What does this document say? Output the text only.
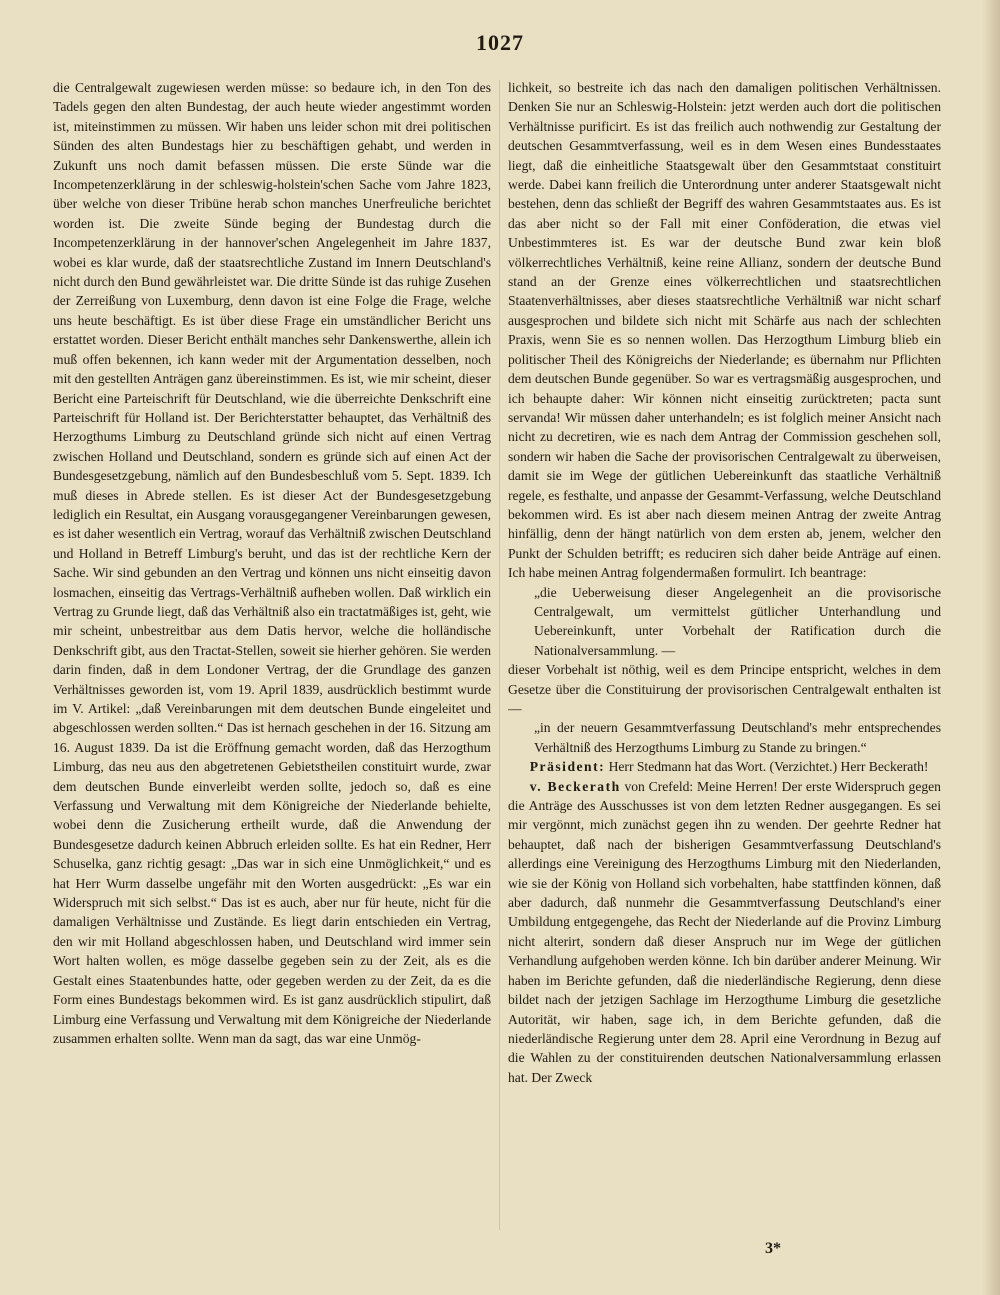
1027

die Centralgewalt zugewiesen werden müsse: so bedaure ich, in den Ton des Tadels gegen den alten Bundestag, der auch heute wieder angestimmt worden ist, miteinstimmen zu müssen. Wir haben uns leider schon mit drei politischen Sünden des alten Bundestags hier zu beschäftigen gehabt, und werden in Zukunft uns noch damit befassen müssen. Die erste Sünde war die Incompetenzerklärung in der schleswig-holstein'schen Sache vom Jahre 1823, über welche von dieser Tribüne herab schon manches Unerfreuliche berichtet worden ist. Die zweite Sünde beging der Bundestag durch die Incompetenzerklärung in der hannover'schen Angelegenheit im Jahre 1837, wobei es klar wurde, daß der staatsrechtliche Zustand im Innern Deutschland's nicht durch den Bund gewährleistet war. Die dritte Sünde ist das ruhige Zusehen der Zerreißung von Luxemburg, denn davon ist eine Folge die Frage, welche uns heute beschäftigt. Es ist über diese Frage ein umständlicher Bericht uns erstattet worden. Dieser Bericht enthält manches sehr Dankenswerthe, allein ich muß offen bekennen, ich kann weder mit der Argumentation desselben, noch mit den gestellten Anträgen ganz übereinstimmen. Es ist, wie mir scheint, dieser Bericht eine Parteischrift für Deutschland, wie die überreichte Denkschrift eine Parteischrift für Holland ist. Der Berichterstatter behauptet, das Verhältniß des Herzogthums Limburg zu Deutschland gründe sich nicht auf einen Vertrag zwischen Holland und Deutschland, sondern es gründe sich auf einen Act der Bundesgesetzgebung, nämlich auf den Bundesbeschluß vom 5. Sept. 1839. Ich muß dieses in Abrede stellen. Es ist dieser Act der Bundesgesetzgebung lediglich ein Resultat, ein Ausgang vorausgegangener Vereinbarungen gewesen, es ist daher wesentlich ein Vertrag, worauf das Verhältniß zwischen Deutschland und Holland in Betreff Limburg's beruht, und das ist der rechtliche Kern der Sache. Wir sind gebunden an den Vertrag und können uns nicht einseitig davon losmachen, einseitig das Vertrags-Verhältniß aufheben wollen. Daß wirklich ein Vertrag zu Grunde liegt, daß das Verhältniß also ein tractatmäßiges ist, geht, wie mir scheint, unbestreitbar aus dem Datis hervor, welche die holländische Denkschrift gibt, aus den Tractat-Stellen, soweit sie hierher gehören. Sie werden darin finden, daß in dem Londoner Vertrag, der die Grundlage des ganzen Verhältnisses geworden ist, vom 19. April 1839, ausdrücklich bestimmt wurde im V. Artikel: „daß Vereinbarungen mit dem deutschen Bunde eingeleitet und abgeschlossen werden sollten.“ Das ist hernach geschehen in der 16. Sitzung am 16. August 1839. Da ist die Eröffnung gemacht worden, daß das Herzogthum Limburg, das neu aus den abgetretenen Gebietstheilen constituirt wurde, zwar dem deutschen Bunde einverleibt werden sollte, jedoch so, daß es eine Verfassung und Verwaltung mit dem Königreiche der Niederlande behielte, wobei denn die Zusicherung ertheilt wurde, daß die Anwendung der Bundesgesetze dadurch keinen Abbruch erleiden sollte. Es hat ein Redner, Herr Schuselka, ganz richtig gesagt: „Das war in sich eine Unmöglichkeit,“ und es hat Herr Wurm dasselbe ungefähr mit den Worten ausgedrückt: „Es war ein Widerspruch mit sich selbst.“ Das ist es auch, aber nur für heute, nicht für die damaligen Verhältnisse und Zustände. Es liegt darin entschieden ein Vertrag, den wir mit Holland abgeschlossen haben, und Deutschland wird immer sein Wort halten wollen, es möge dasselbe gegeben sein zu der Zeit, als es die Gestalt eines Staatenbundes hatte, oder gegeben werden zu der Zeit, da es die Form eines Bundestags bekommen wird. Es ist ganz ausdrücklich stipulirt, daß Limburg eine Verfassung und Verwaltung mit dem Königreiche der Niederlande zusammen erhalten sollte. Wenn man da sagt, das war eine Unmög-

lichkeit, so bestreite ich das nach den damaligen politischen Verhältnissen. Denken Sie nur an Schleswig-Holstein: jetzt werden auch dort die politischen Verhältnisse purificirt. Es ist das freilich auch nothwendig zur Gestaltung der deutschen Gesammtverfassung, weil es in dem Wesen eines Bundesstaates liegt, daß die einheitliche Staatsgewalt über den Gesammtstaat constituirt werde. Dabei kann freilich die Unterordnung unter anderer Staatsgewalt nicht bestehen, denn das schließt der Begriff des wahren Gesammtstaates aus. Es ist das aber nicht so der Fall mit einer Conföderation, die etwas viel Unbestimmteres ist. Es war der deutsche Bund zwar kein bloß völkerrechtliches Verhältniß, keine reine Allianz, sondern der deutsche Bund stand an der Grenze eines völkerrechtlichen und staatsrechtlichen Staatenverhältnisses, aber dieses staatsrechtliche Verhältniß war nicht scharf ausgesprochen und bildete sich nicht mit Schärfe aus nach der schlechten Praxis, wenn Sie es so nennen wollen. Das Herzogthum Limburg blieb ein politischer Theil des Königreichs der Niederlande; es übernahm nur Pflichten dem deutschen Bunde gegenüber. So war es vertragsmäßig ausgesprochen, und ich behaupte daher: Wir können nicht einseitig zurücktreten; pacta sunt servanda! Wir müssen daher unterhandeln; es ist folglich meiner Ansicht nach nicht zu decretiren, wie es nach dem Antrag der Commission geschehen soll, sondern wir haben die Sache der provisorischen Centralgewalt zu überweisen, damit sie im Wege der gütlichen Uebereinkunft das staatliche Verhältniß regele, es festhalte, und anpasse der Gesammt-Verfassung, welche Deutschland bekommen wird. Es ist aber nach diesem meinen Antrag der zweite Antrag hinfällig, denn der hängt natürlich von dem ersten ab, jenem, welcher den Punkt der Schulden betrifft; es reduciren sich daher beide Anträge auf einen. Ich habe meinen Antrag folgendermaßen formulirt. Ich beantrage:

„die Ueberweisung dieser Angelegenheit an die provisorische Centralgewalt, um vermittelst gütlicher Unterhandlung und Uebereinkunft, unter Vorbehalt der Ratification durch die Nationalversammlung. —

dieser Vorbehalt ist nöthig, weil es dem Principe entspricht, welches in dem Gesetze über die Constituirung der provisorischen Centralgewalt enthalten ist —

„in der neuern Gesammtverfassung Deutschland's mehr entsprechendes Verhältniß des Herzogthums Limburg zu Stande zu bringen.“

Präsident: Herr Stedmann hat das Wort. (Verzichtet.) Herr Beckerath!

v. Beckerath von Crefeld: Meine Herren! Der erste Widerspruch gegen die Anträge des Ausschusses ist von dem letzten Redner ausgegangen. Es sei mir vergönnt, mich zunächst gegen ihn zu wenden. Der geehrte Redner hat behauptet, daß nach der bisherigen Gesammtverfassung Deutschland's allerdings eine Vereinigung des Herzogthums Limburg mit den Niederlanden, wie sie der König von Holland sich vorbehalten, habe stattfinden können, daß aber dadurch, daß nunmehr die Gesammtverfassung Deutschland's einer Umbildung entgegengehe, das Recht der Niederlande auf die Provinz Limburg nicht alterirt, sondern daß dieser Anspruch nur im Wege der gütlichen Verhandlung aufgehoben werden könne. Ich bin darüber anderer Meinung. Wir haben im Berichte gefunden, daß die niederländische Regierung, denn diese bildet nach der jetzigen Sachlage im Herzogthume Limburg die gesetzliche Autorität, wir haben, sage ich, in dem Berichte gefunden, daß die niederländische Regierung unter dem 28. April eine Verordnung in Bezug auf die Wahlen zu der constituirenden deutschen Nationalversammlung erlassen hat. Der Zweck

3*
